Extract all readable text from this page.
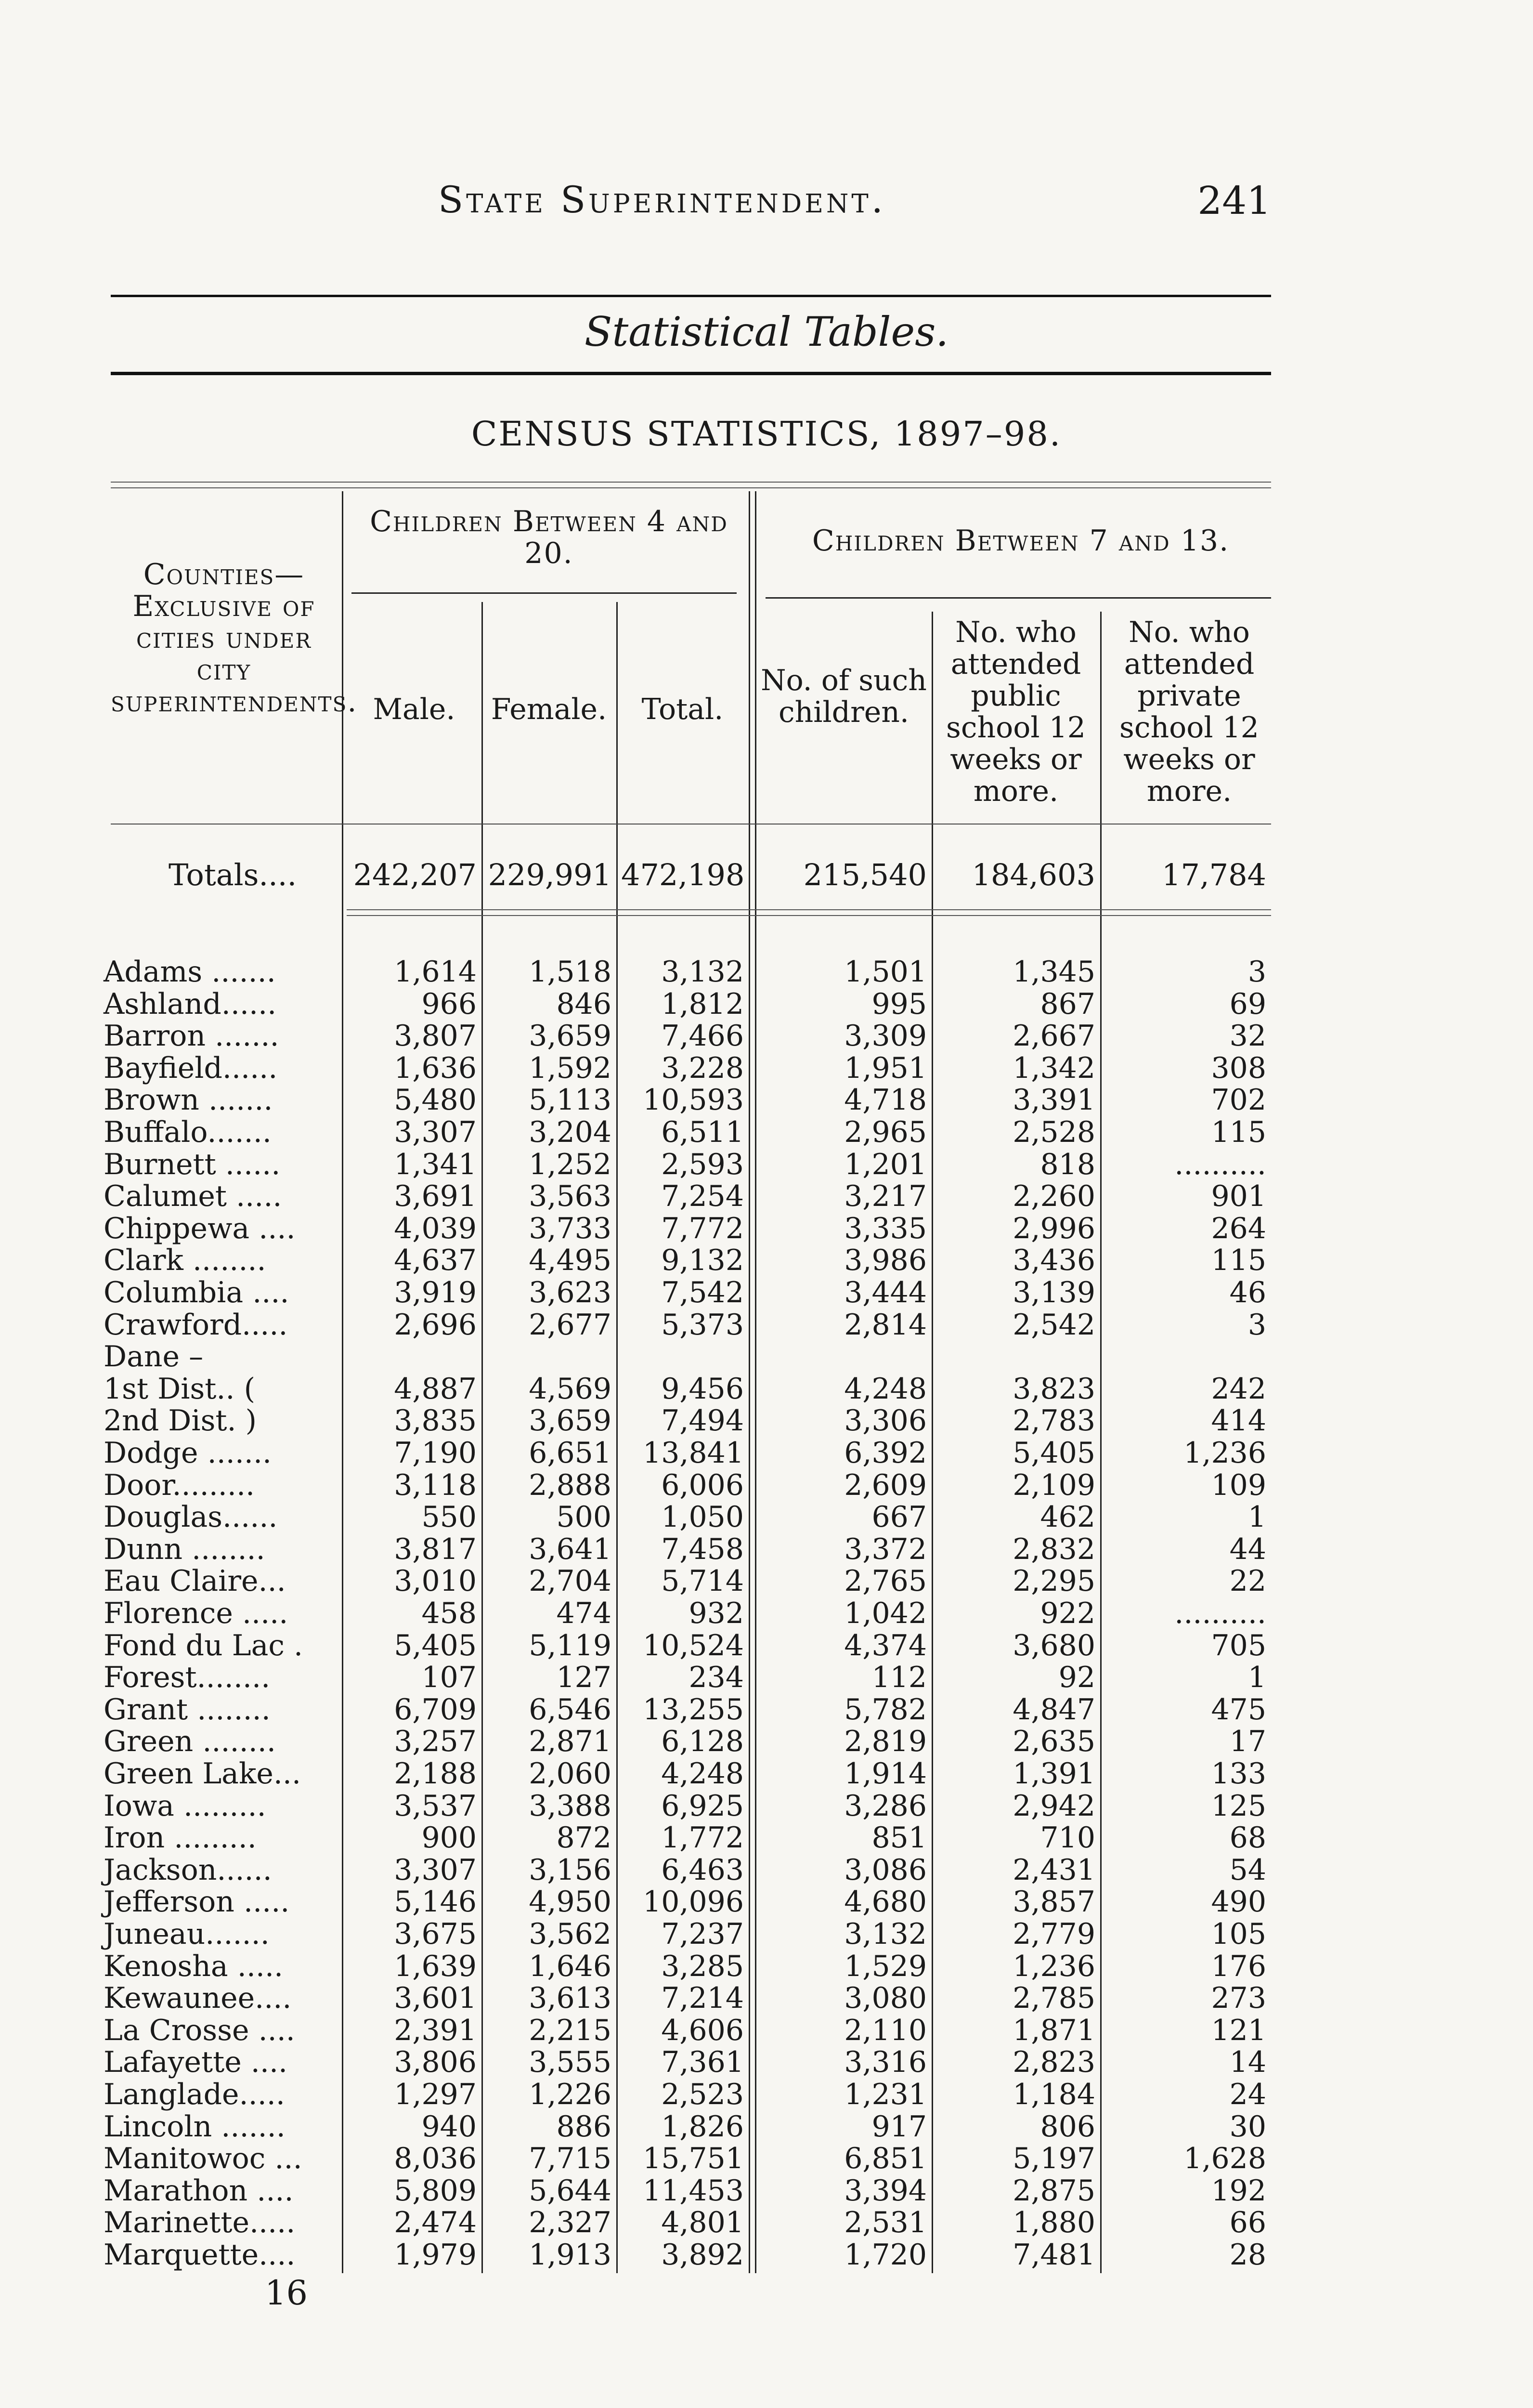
State Superintendent.	241
Statistical Tables.
CENSUS STATISTICS, 1897–98.
Counties—Exclusive of cities under city superintendents.
Children Between 4 and 20.	Children Between 7 and 13.
Male.	Female.	Total.
No. of such children.
No. who attended public school 12 weeks or more.
No. who attended private school 12 weeks or more.
Totals.... 242,207 229,991 472,198	215,540	184,603	17,784
Adams .......	1,614	1,518	3,132	1,501	1,345	3
Ashland......	966	846	1,812	995	867	69
Barron .......	3,807	3,659	7,466	3,309	2,667	32
Bayfield......	1,636	1,592	3,228	1,951	1,342	308
Brown .......	5,480	5,113	10,593	4,718	3,391	702
Buffalo.......	3,307	3,204	6,511	2,965	2,528	115
Burnett ......	1,341	1,252	2,593	1,201	818	..........
Calumet .....	3,691	3,563	7,254	3,217	2,260	901
Chippewa ....	4,039	3,733	7,772	3,335	2,996	264
Clark ........	4,637	4,495	9,132	3,986	3,436	115
Columbia ....	3,919	3,623	7,542	3,444	3,139	46
Crawford.....	2,696	2,677	5,373	2,814	2,542	3
Dane –
1st Dist.. (	4,887	4,569	9,456	4,248	3,823	242
2nd Dist. )	3,835	3,659	7,494	3,306	2,783	414
Dodge .......	7,190	6,651	13,841	6,392	5,405	1,236
Door.........	3,118	2,888	6,006	2,609	2,109	109
Douglas......	550	500	1,050	667	462	1
Dunn ........	3,817	3,641	7,458	3,372	2,832	44
Eau Claire...	3,010	2,704	5,714	2,765	2,295	22
Florence .....	458	474	932	1,042	922	..........
Fond du Lac .	5,405	5,119	10,524	4,374	3,680	705
Forest........	107	127	234	112	92	1
Grant ........	6,709	6,546	13,255	5,782	4,847	475
Green ........	3,257	2,871	6,128	2,819	2,635	17
Green Lake...	2,188	2,060	4,248	1,914	1,391	133
Iowa .........	3,537	3,388	6,925	3,286	2,942	125
Iron .........	900	872	1,772	851	710	68
Jackson......	3,307	3,156	6,463	3,086	2,431	54
Jefferson .....	5,146	4,950	10,096	4,680	3,857	490
Juneau.......	3,675	3,562	7,237	3,132	2,779	105
Kenosha .....	1,639	1,646	3,285	1,529	1,236	176
Kewaunee....	3,601	3,613	7,214	3,080	2,785	273
La Crosse ....	2,391	2,215	4,606	2,110	1,871	121
Lafayette ....	3,806	3,555	7,361	3,316	2,823	14
Langlade.....	1,297	1,226	2,523	1,231	1,184	24
Lincoln .......	940	886	1,826	917	806	30
Manitowoc ...	8,036	7,715	15,751	6,851	5,197	1,628
Marathon ....	5,809	5,644	11,453	3,394	2,875	192
Marinette.....	2,474	2,327	4,801	2,531	1,880	66
Marquette....	1,979	1,913	3,892	1,720	7,481	28
16
